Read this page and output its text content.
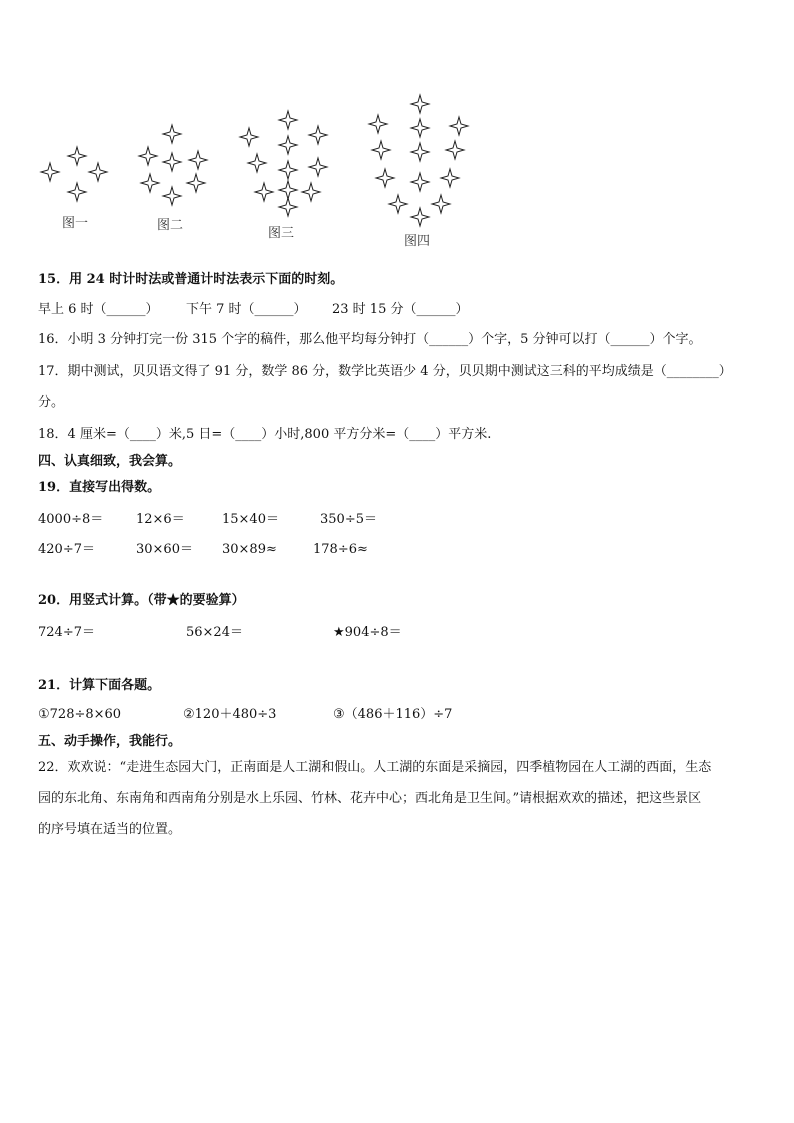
图一	图二
图三
图四
15．用 24 时计时法或普通计时法表示下面的时刻。
早上 6 时（______） 下午 7 时（______） 23 时 15 分（______）
16．小明 3 分钟打完一份 315 个字的稿件，那么他平均每分钟打（______）个字，5 分钟可以打（______）个字。
17．期中测试，贝贝语文得了 91 分，数学 86 分，数学比英语少 4 分，贝贝期中测试这三科的平均成绩是（________）
分。
18．4 厘米=（____）米,5 日=（____）小时,800 平方分米=（____）平方米.
四、认真细致，我会算。
19．直接写出得数。
4000÷8＝	12×6＝	15×40＝	350÷5＝
420÷7＝	30×60＝ 30×89≈	178÷6≈
20．用竖式计算。（带★的要验算）
724÷7＝	56×24＝	★904÷8＝
21．计算下面各题。
①728÷8×60	②120＋480÷3	③（486＋116）÷7
五、动手操作，我能行。
22．欢欢说：“走进生态园大门，正南面是人工湖和假山。人工湖的东面是采摘园，四季植物园在人工湖的西面，生态
园的东北角、东南角和西南角分别是水上乐园、竹林、花卉中心；西北角是卫生间。”请根据欢欢的描述，把这些景区
的序号填在适当的位置。
